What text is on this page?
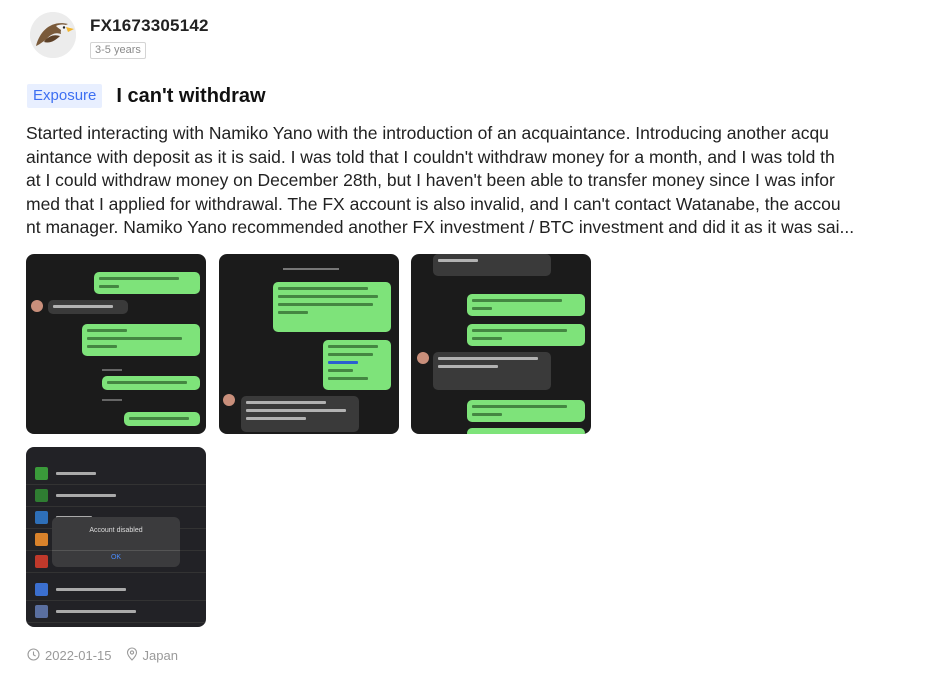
FX1673305142
3-5 years
Exposure	I can't withdraw

Started interacting with Namiko Yano with the introduction of an acquaintance. Introducing another acqu

aintance with deposit as it is said. I was told that I couldn't withdraw money for a month, and I was told th

at I could withdraw money on December 28th, but I haven't been able to transfer money since I was infor

med that I applied for withdrawal. The FX account is also invalid, and I can't contact Watanabe, the accou

nt manager. Namiko Yano recommended another FX investment / BTC investment and did it as it was sai...

Account disabled
OK
2022-01-15 Japan
